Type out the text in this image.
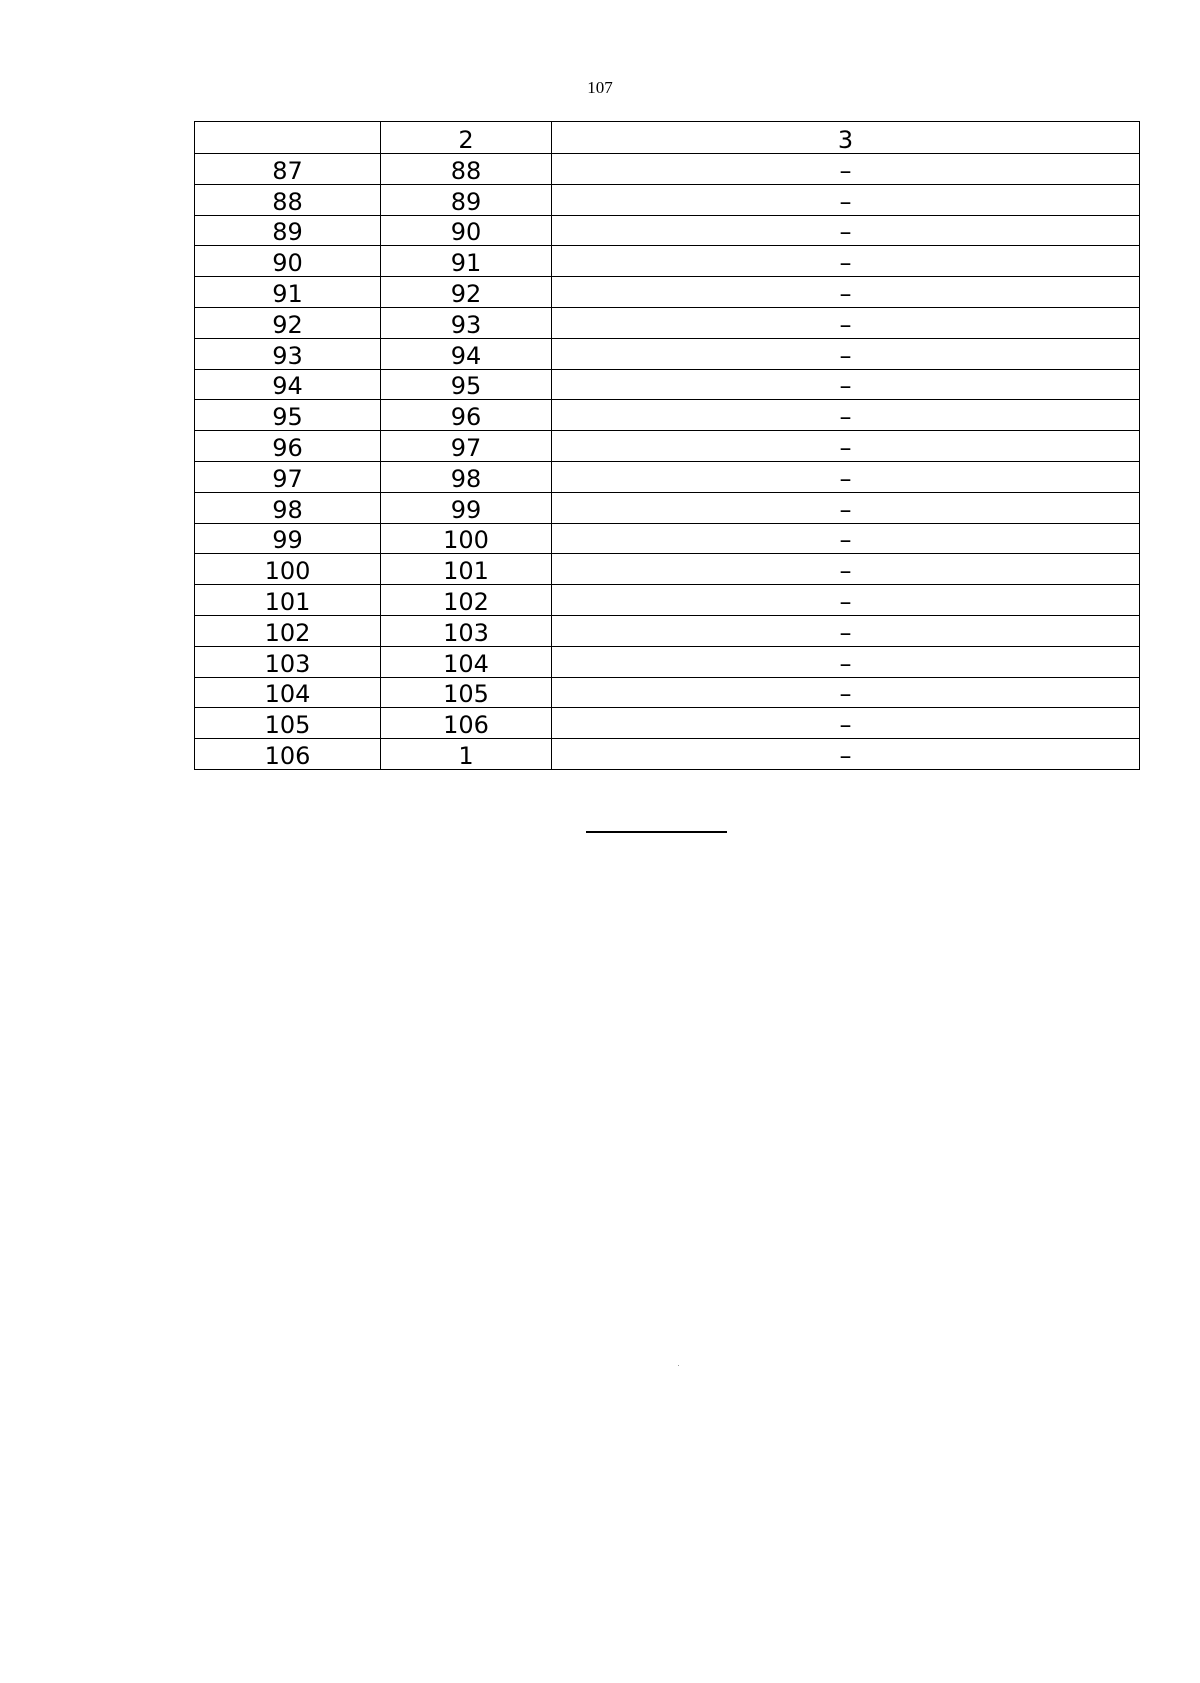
107
	2	3
87	88	–
88	89	–
89	90	–
90	91	–
91	92	–
92	93	–
93	94	–
94	95	–
95	96	–
96	97	–
97	98	–
98	99	–
99	100	–
100	101	–
101	102	–
102	103	–
103	104	–
104	105	–
105	106	–
106	1	–
